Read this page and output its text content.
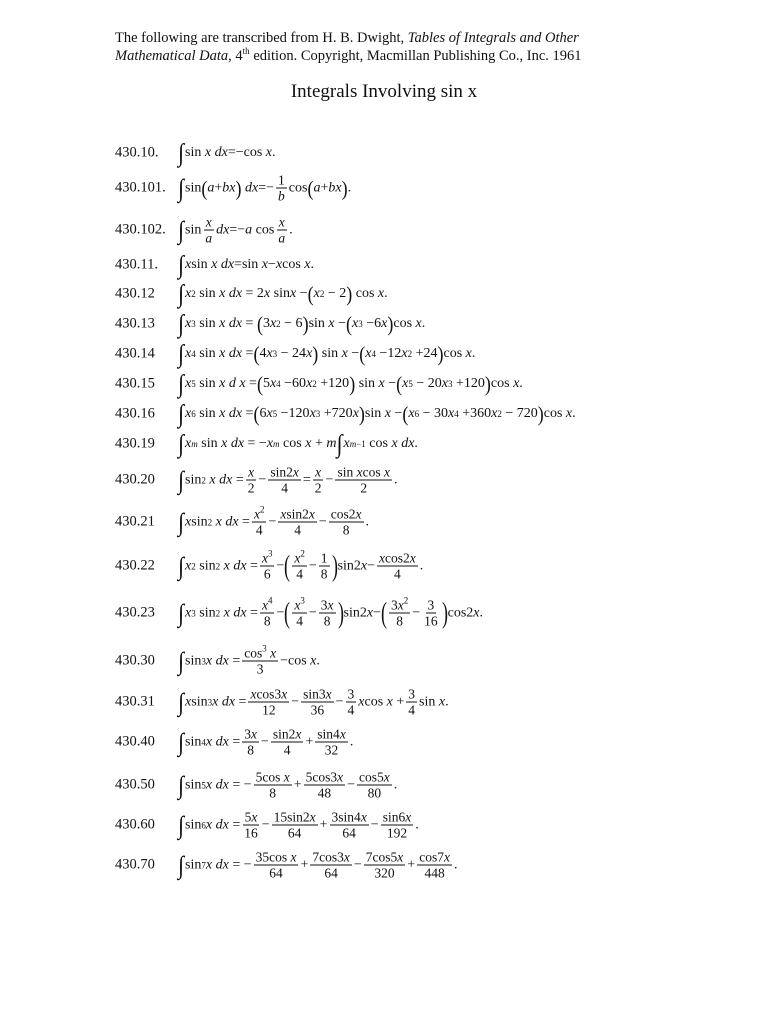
The following are transcribed from H. B. Dwight, Tables of Integrals and Other
Mathematical Data, 4th edition. Copyright, Macmillan Publishing Co., Inc. 1961
Integrals Involving sin x
430.10. ∫ sin
x
dx = − cos
x .
430.101. ∫ sin ( a + b x )
dx = − $\frac{1}{b}$ cos ( a + b x ) .
430.102. ∫ $\sin \frac{x}{a}$ dx = − a
$\cos \frac{x}{a}$ .
430.11. ∫ x sin
x
dx = sin
x − x cos
x .
430.12 ∫ x 2 sin x
dx = 2 x sin x − ( x 2 − 2 ) cos x .
430.13 ∫ x 3 sin x
dx = ( 3 x 2 − 6 ) sin x − ( x 3 −6 x ) cos x .
430.14 ∫ x 4 sin x
dx = ( 4 x 3 − 24 x ) sin x − ( x 4 −12 x 2 +24 ) cos x .
430.15 ∫ x 5 sin x
d x = ( 5 x 4 −60 x 2 +120 ) sin x − ( x 5 − 20 x 3 +120 ) cos x .
430.16 ∫ x 6 sin x
dx = ( 6 x 5 −120 x 3 +720 x ) sin x − ( x 6 − 30 x 4 +360 x 2 − 720 ) cos x .
430.19 ∫ x m sin x
dx = − x m cos x + m ∫ x m−1 cos x
dx .
430.20 ∫ sin 2
x
dx = $\frac{x}{2} - \frac{\sin 2x}{4} = \frac{x}{2} - \frac{\text{sin xcos x}}{2}$ .
430.21 ∫ x sin 2
x
dx = $\frac{x^2}{4} - \frac{xsin2x}{4} - \frac{\cos 2x}{8}$ .
430.22 ∫ x 2 sin 2
x
dx = $\frac{x^3}{6}$ − ( $\frac{x^2}{4} - \frac{1}{8}$ ) sin2 $x - \frac{xcos2x}{4}$ .
430.23 ∫ x 3 sin 2
x
dx = $\frac{x^4}{8}$ − ( $\frac{x^3}{4} - \frac{3x}{8}$ ) sin2 x − ( $\frac{3x^2}{8} - \frac{3}{16}$ ) cos2 x .
430.30 ∫ sin 3 x
dx = $\frac{\cos^3 x}{3} -\cos$ x .
430.31 ∫ x sin 3 x
dx = $\frac{xcos3x}{12} - \frac{\sin 3x}{36} - \frac{3}{4}$ x $\cos x + \frac{3}{4}$ sin x .
430.40 ∫ sin 4 x
dx = $\frac{3x}{8} - \frac{\sin 2x}{4} + \frac{\sin 4x}{32}$ .
430.50 ∫ sin 5 x
dx = − $\frac{\text{5cos x}}{8} + \frac{5\cos 3x}{48} - \frac{\cos 5x}{80}$ .
430.60 ∫ sin 6 x
dx = $\frac{5x}{16} - \frac{15\sin 2x}{64} + \frac{3\sin 4x}{64} - \frac{\sin 6x}{192}$ .
430.70 ∫ sin 7 x
dx = − $\frac{\text{35cos x}}{64} + \frac{7\cos 3x}{64} - \frac{7\cos 5x}{320} + \frac{\cos 7x}{448}$ .
